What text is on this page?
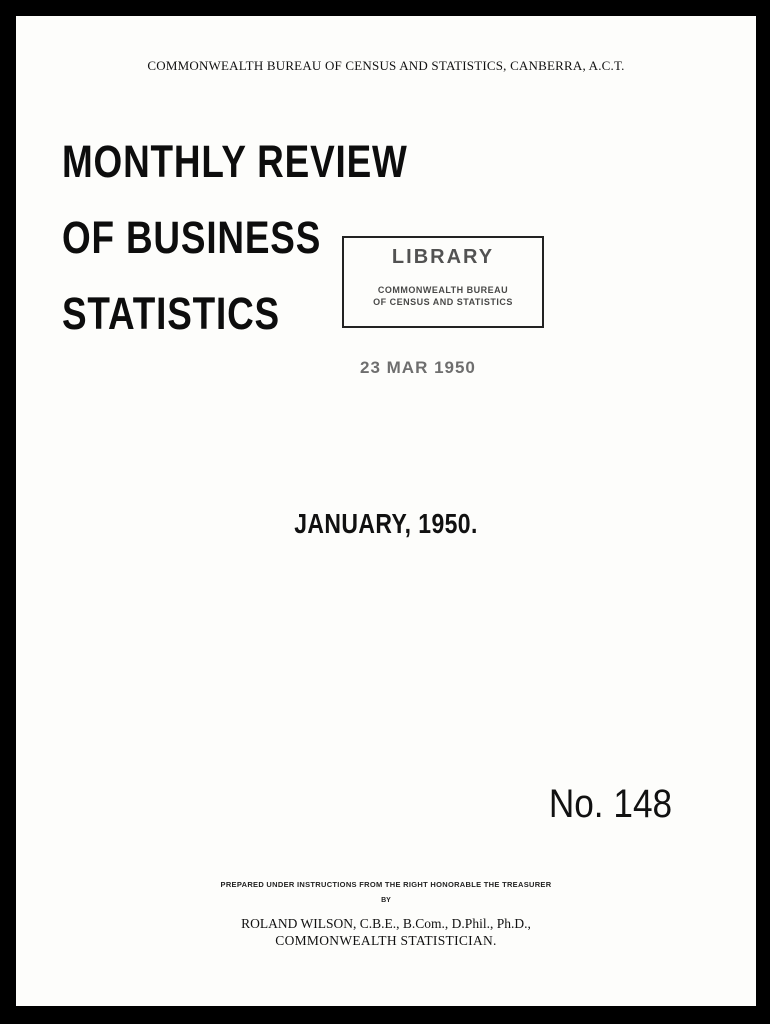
COMMONWEALTH BUREAU OF CENSUS AND STATISTICS, CANBERRA, A.C.T.
MONTHLY REVIEW
OF BUSINESS
STATISTICS
LIBRARY
COMMONWEALTH BUREAU
OF CENSUS AND STATISTICS
23 MAR 1950
JANUARY, 1950.
No. 148
PREPARED UNDER INSTRUCTIONS FROM THE RIGHT HONORABLE THE TREASURER
BY
ROLAND WILSON, C.B.E., B.Com., D.Phil., Ph.D.,
COMMONWEALTH STATISTICIAN.
